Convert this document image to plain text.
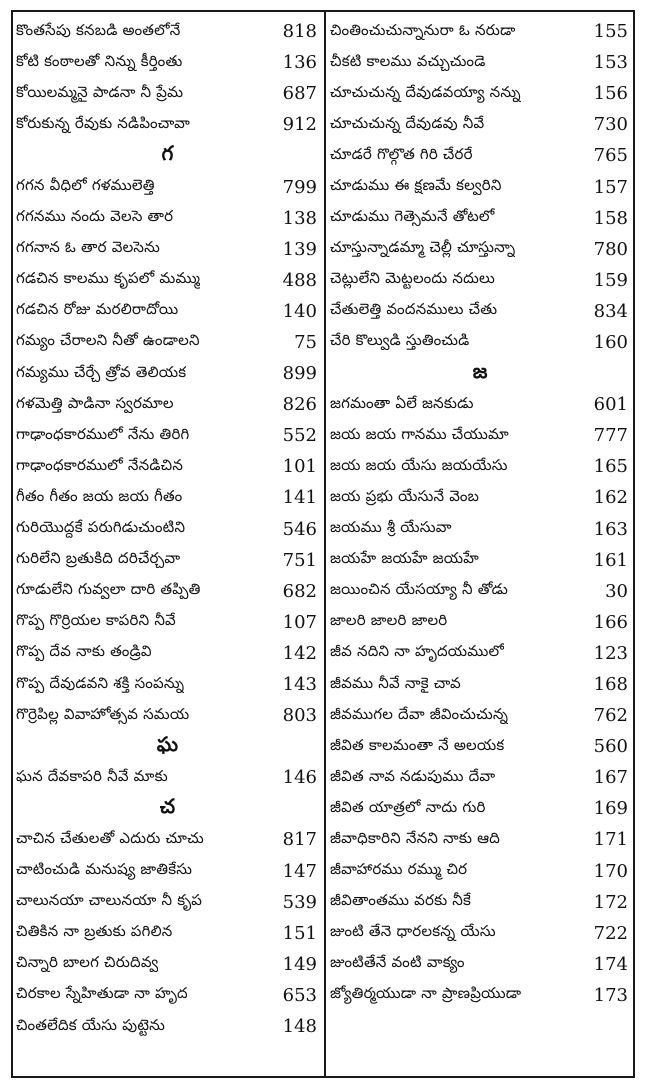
కొంతసేపు కనబడి అంతలోనే	818
కోటి కంఠాలతో నిన్ను కీర్తింతు	136
కోయిలమ్మనై పాడనా నీ ప్రేమ	687
కోరుకున్న రేవుకు నడిపించావా	912
గ
గగన వీధిలో గళములెత్తి	799
గగనము నందు వెలసె తార	138
గగనాన ఓ తార వెలసెను	139
గడచిన కాలము కృపలో మమ్ము	488
గడచిన రోజు మరలిరాదోయి	140
గమ్యం చేరాలని నీతో ఉండాలని	75
గమ్యము చేర్చే త్రోవ తెలియక	899
గళమెత్తి పాడినా స్వరమాల	826
గాఢాంధకారములో నేను తిరిగి	552
గాఢాంధకారములో నేనడిచిన	101
గీతం గీతం జయ జయ గీతం	141
గురియొద్దకే పరుగిడుచుంటిని	546
గురిలేని బ్రతుకిది దరిచేర్చవా	751
గూడులేని గువ్వలా దారి తప్పితి	682
గొప్ప గొర్రియల కాపరిని నీవే	107
గొప్ప దేవ నాకు తండ్రివి	142
గొప్ప దేవుడవని శక్తి సంపన్ను	143
గొర్రెపిల్ల వివాహోత్సవ సమయ	803
ఘ
ఘన దేవకాపరి నీవే మాకు	146
చ
చాచిన చేతులతో ఎదురు చూచు	817
చాటించుడి మనుష్య జాతికేసు	147
చాలునయా చాలునయా నీ కృప	539
చితికిన నా బ్రతుకు పగిలిన	151
చిన్నారి బాలగ చిరుదివ్వ	149
చిరకాల స్నేహితుడా నా హృద	653
చింతలేదిక యేసు పుట్టెను	148
చింతించుచున్నానురా ఓ నరుడా	155
చీకటి కాలము వచ్చుచుండె	153
చూచుచున్న దేవుడవయ్యా నన్ను	156
చూచుచున్న దేవుడవు నీవే	730
చూడరే గొల్గొత గిరి చేరరే	765
చూడుము ఈ క్షణమే కల్వరిని	157
చూడుము గెత్సెమనే తోటలో	158
చూస్తున్నాడమ్మా చెల్లీ చూస్తున్నా	780
చెట్లులేని మెట్టలందు నదులు	159
చేతులెత్తి వందనములు చేతు	834
చేరి కొల్వుడి స్తుతించుడి	160
జ
జగమంతా ఏలే జనకుడు	601
జయ జయ గానము చేయుమా	777
జయ జయ యేసు జయయేసు	165
జయ ప్రభు యేసునే వెంబ	162
జయము శ్రీ యేసువా	163
జయహే జయహే జయహే	161
జయించిన యేసయ్యా నీ తోడు	30
జాలరి జాలరి జాలరి	166
జీవ నదిని నా హృదయములో	123
జీవము నీవే నాకై చావ	168
జీవముగల దేవా జీవించుచున్న	762
జీవిత కాలమంతా నే అలయక	560
జీవిత నావ నడుపుము దేవా	167
జీవిత యాత్రలో నాదు గురి	169
జీవాధికారిని నేనని నాకు ఆది	171
జీవాహారము రమ్ము చిర	170
జీవితాంతము వరకు నీకే	172
జుంటి తేనె ధారలకన్న యేసు	722
జుంటితేనే వంటి వాక్యం	174
జ్యోతిర్మయుడా నా ప్రాణప్రియుడా	173
